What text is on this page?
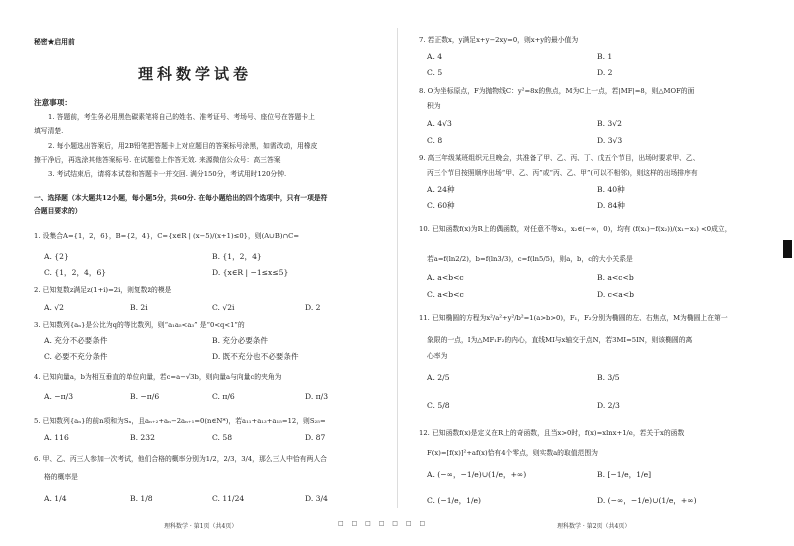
秘密★启用前
理科数学试卷
注意事项：
1. 答题前，考生务必用黑色碳素笔将自己的姓名、准考证号、考场号、座位号在答题卡上
填写清楚.
2. 每小题选出答案后，用2B铅笔把答题卡上对应题目的答案标号涂黑，如需改动，用橡皮
擦干净后，再选涂其他答案标号. 在试题卷上作答无效. 来源微信公众号：高三答案
3. 考试结束后，请将本试卷和答题卡一并交回. 满分150分，考试用时120分钟.
一、选择题（本大题共12小题，每小题5分，共60分. 在每小题给出的四个选项中，只有一项是符
合题目要求的）
1. 设集合A={1，2，6}，B={2，4}，C={x∈R | (x−5)/(x+1)≤0}，则(A∪B)∩C=
A. {2}	B. {1，2，4}
C. {1，2，4，6}	D. {x∈R | −1≤x≤5}
2. 已知复数z满足z(1+i)=2i，则复数z̄的模是
A. √2	B. 2i	C. √2i	D. 2
3. 已知数列{aₙ}是公比为q的等比数列，则“a₁a₅<a₃” 是“0<q<1”的
A. 充分不必要条件	B. 充分必要条件
C. 必要不充分条件	D. 既不充分也不必要条件
4. 已知向量a，b为相互垂直的单位向量，若c=a−√3b，则向量a与向量c的夹角为
A. −π/3	B. −π/6	C. π/6	D. π/3
5. 已知数列{aₙ}的前n项和为Sₙ，且aₙ₊₂+aₙ−2aₙ₊₁=0(n∈N*)，若a₁₁+a₁₃+a₁₅=12，则S₂₅=
A. 116	B. 232	C. 58	D. 87
6. 甲、乙、丙三人参加一次考试，他们合格的概率分别为1/2，2/3，3/4，那么三人中恰有两人合
格的概率是
A. 1/4	B. 1/8	C. 11/24	D. 3/4
理科数学 · 第1页（共4页）	□ □ □ □ □ □ □
7. 若正数x，y满足x+y−2xy=0，则x+y的最小值为
A. 4	B. 1
C. 5	D. 2
8. O为坐标原点，F为抛物线C：y²=8x的焦点，M为C上一点，若|MF|=8，则△MOF的面
积为
A. 4√3	B. 3√2
C. 8	D. 3√3
9. 高三年级某班组织元旦晚会，共准备了甲、乙、丙、丁、戊五个节目，出场时要求甲、乙、
丙三个节目按照顺序出场“甲、乙、丙”或“丙、乙、甲”(可以不相邻)，则这样的出场排序有
A. 24种	B. 40种
C. 60种	D. 84种
10. 已知函数f(x)为R上的偶函数，对任意不等x₁，x₂∈(−∞，0)，均有 (f(x₁)−f(x₂))/(x₁−x₂) <0成立，
若a=f(ln2/2)，b=f(ln3/3)，c=f(ln5/5)，则a，b，c的大小关系是
A. a<b<c	B. a<c<b
C. a<b<c	D. c<a<b
11. 已知椭圆的方程为x²/a²+y²/b²=1(a>b>0)，F₁，F₂分别为椭圆的左、右焦点，M为椭圆上在第一
象限的一点，I为△MF₁F₂的内心，直线MI与x轴交于点N，若3MI=5IN，则该椭圆的离
心率为
A. 2/5	B. 3/5
C. 5/8	D. 2/3
12. 已知函数f(x)是定义在R上的奇函数，且当x>0时，f(x)=xlnx+1/e，若关于x的函数
F(x)=[f(x)]²+af(x)恰有4个零点，则实数a的取值范围为
A. (−∞，−1/e)∪(1/e，+∞)	B. [−1/e，1/e]
C. (−1/e，1/e)	D. (−∞，−1/e)∪(1/e，+∞)
理科数学 · 第2页（共4页）
